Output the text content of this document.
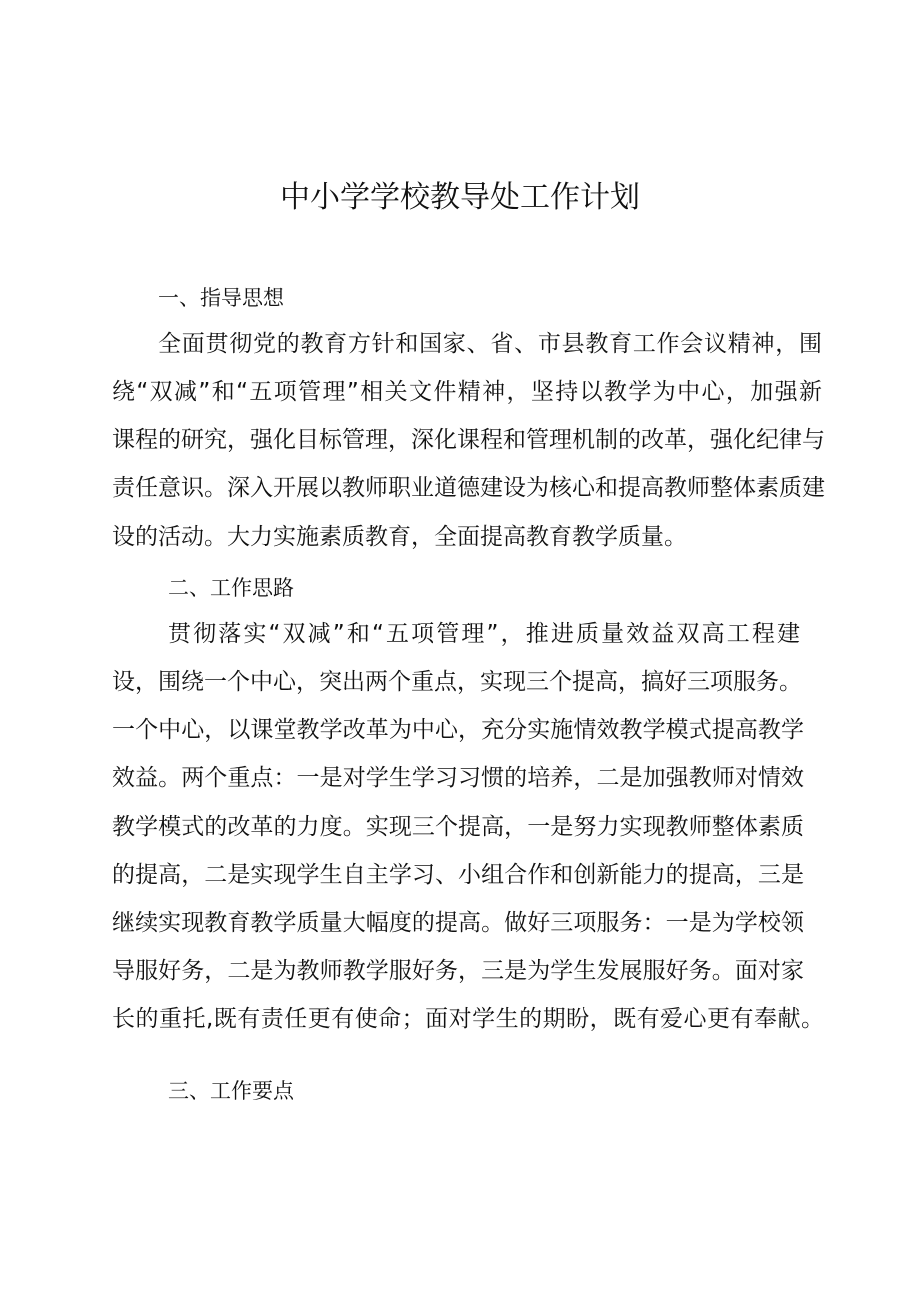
中小学学校教导处工作计划
一、指导思想
全面贯彻党的教育方针和国家、省、市县教育工作会议精神，围
绕“双减”和“五项管理”相关文件精神，坚持以教学为中心，加强新
课程的研究，强化目标管理，深化课程和管理机制的改革，强化纪律与
责任意识。深入开展以教师职业道德建设为核心和提高教师整体素质建
设的活动。大力实施素质教育，全面提高教育教学质量。
二、工作思路
贯彻落实“双减”和“五项管理”，推进质量效益双高工程建
设，围绕一个中心，突出两个重点，实现三个提高，搞好三项服务。
一个中心，以课堂教学改革为中心，充分实施情效教学模式提高教学
效益。两个重点：一是对学生学习习惯的培养，二是加强教师对情效
教学模式的改革的力度。实现三个提高，一是努力实现教师整体素质
的提高，二是实现学生自主学习、小组合作和创新能力的提高，三是
继续实现教育教学质量大幅度的提高。做好三项服务：一是为学校领
导服好务，二是为教师教学服好务，三是为学生发展服好务。面对家
长的重托,既有责任更有使命；面对学生的期盼，既有爱心更有奉献。
三、工作要点
